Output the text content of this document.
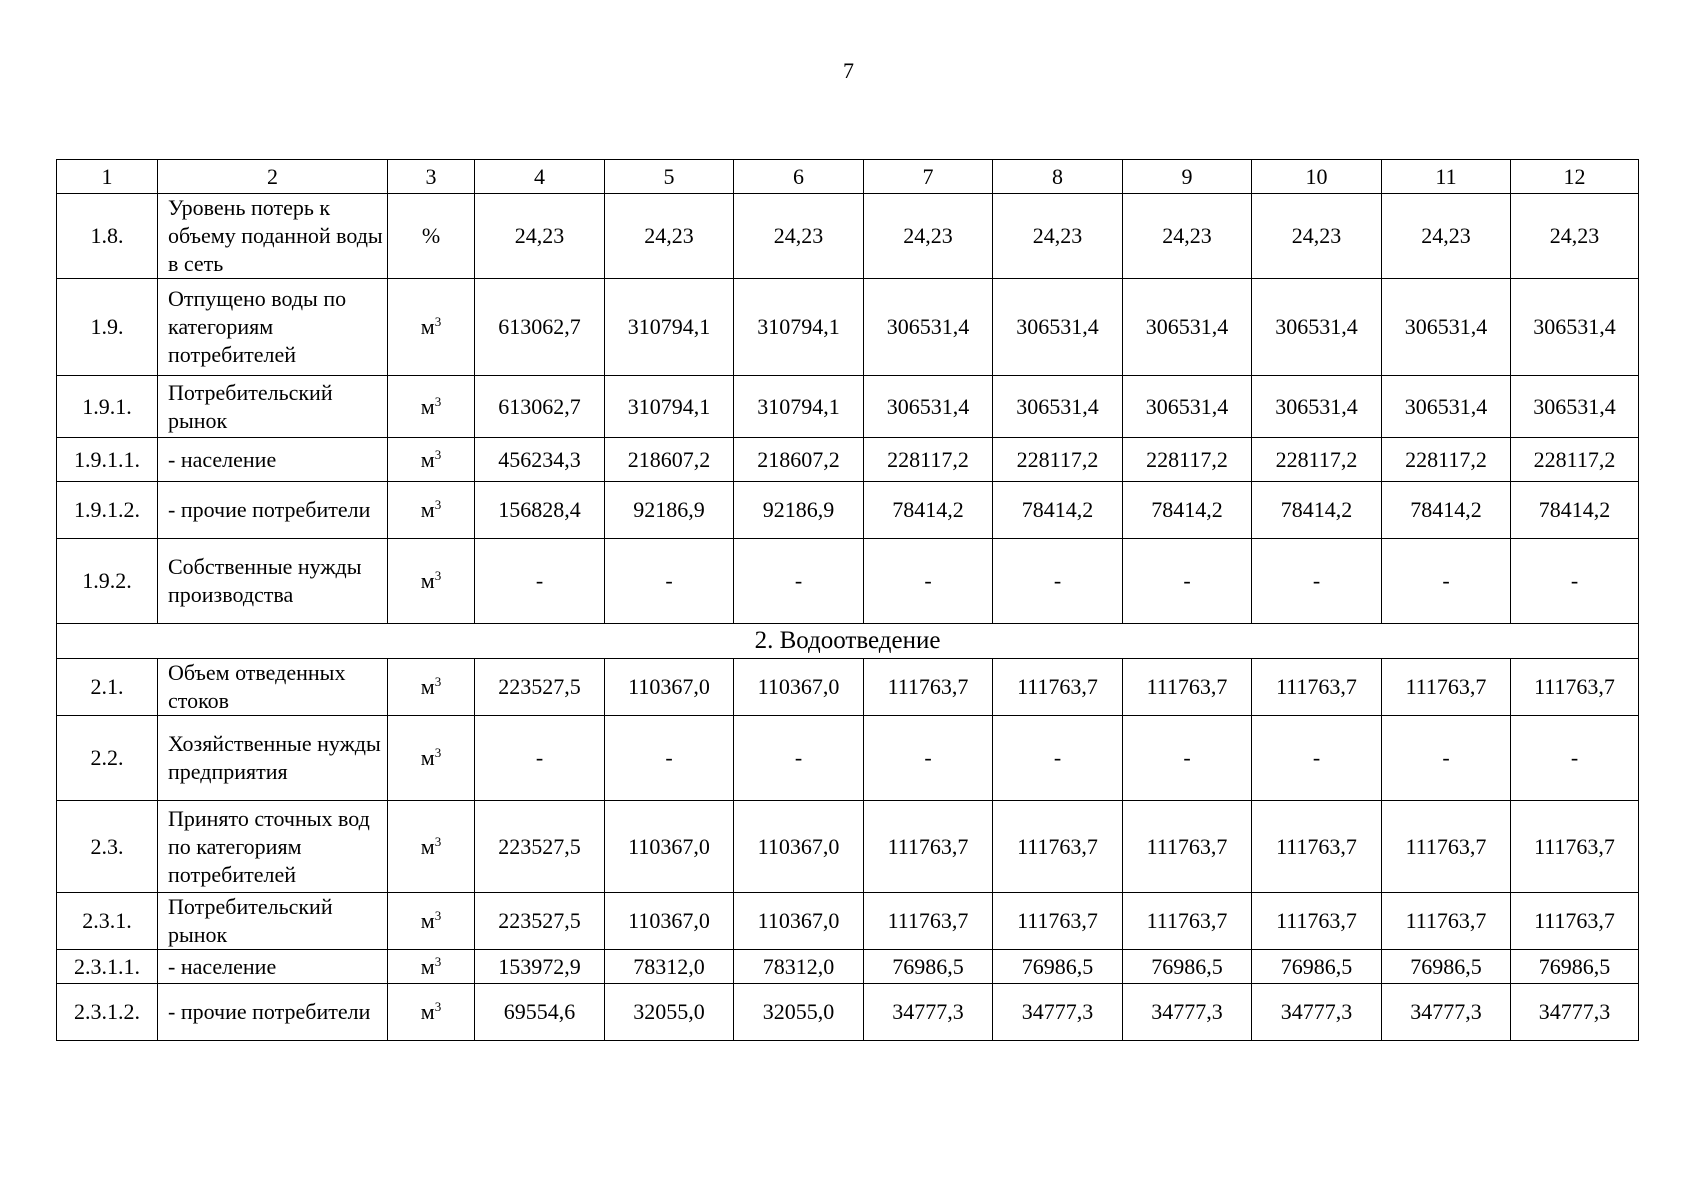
7
1	2	3	4	5	6	7	8	9	10	11	12
1.8.	Уровень потерь к объему поданной воды в сеть	%	24,23	24,23	24,23	24,23	24,23	24,23	24,23	24,23	24,23
1.9.	Отпущено воды по категориям потребителей	$м^3$	613062,7	310794,1	310794,1	306531,4	306531,4	306531,4	306531,4	306531,4	306531,4
1.9.1.	Потребительский рынок	$м^3$	613062,7	310794,1	310794,1	306531,4	306531,4	306531,4	306531,4	306531,4	306531,4
1.9.1.1.	- население	$м^3$	456234,3	218607,2	218607,2	228117,2	228117,2	228117,2	228117,2	228117,2	228117,2
1.9.1.2.	- прочие потребители	$м^3$	156828,4	92186,9	92186,9	78414,2	78414,2	78414,2	78414,2	78414,2	78414,2
1.9.2.	Собственные нужды производства	$м^3$	-	-	-	-	-	-	-	-	-
2. Водоотведение											
2.1.	Объем отведенных стоков	$м^3$	223527,5	110367,0	110367,0	111763,7	111763,7	111763,7	111763,7	111763,7	111763,7
2.2.	Хозяйственные нужды предприятия	$м^3$	-	-	-	-	-	-	-	-	-
2.3.	Принято сточных вод по категориям потребителей	$м^3$	223527,5	110367,0	110367,0	111763,7	111763,7	111763,7	111763,7	111763,7	111763,7
2.3.1.	Потребительский рынок	$м^3$	223527,5	110367,0	110367,0	111763,7	111763,7	111763,7	111763,7	111763,7	111763,7
2.3.1.1.	- население	$м^3$	153972,9	78312,0	78312,0	76986,5	76986,5	76986,5	76986,5	76986,5	76986,5
2.3.1.2.	- прочие потребители	$м^3$	69554,6	32055,0	32055,0	34777,3	34777,3	34777,3	34777,3	34777,3	34777,3
